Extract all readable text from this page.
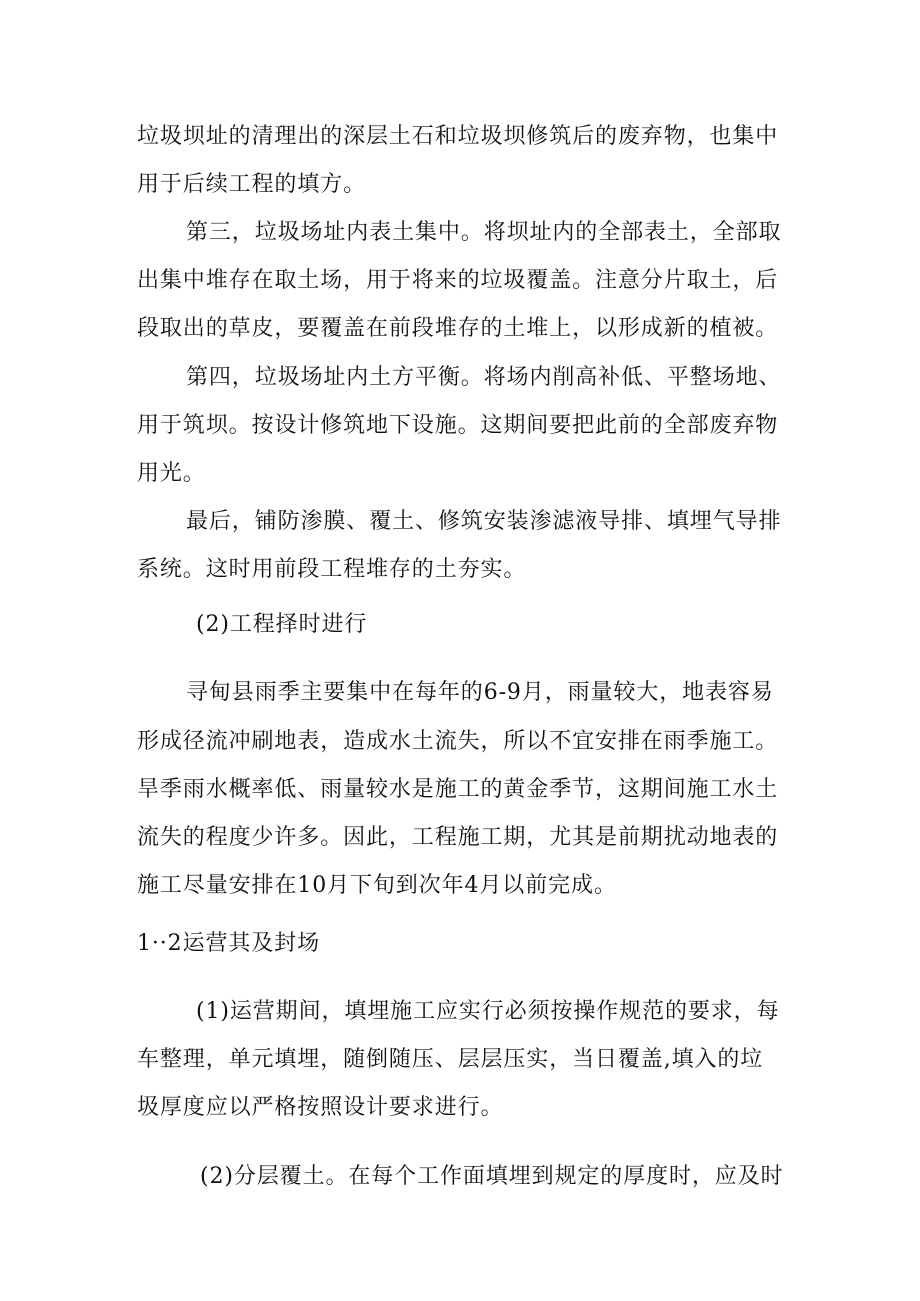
垃圾坝址的清理出的深层土石和垃圾坝修筑后的废弃物，也集中
用于后续工程的填方。
第三，垃圾场址内表土集中。将坝址内的全部表土，全部取
出集中堆存在取土场，用于将来的垃圾覆盖。注意分片取土，后
段取出的草皮，要覆盖在前段堆存的土堆上，以形成新的植被。
第四，垃圾场址内土方平衡。将场内削高补低、平整场地、
用于筑坝。按设计修筑地下设施。这期间要把此前的全部废弃物
用光。
最后，铺防渗膜、覆土、修筑安装渗滤液导排、填埋气导排
系统。这时用前段工程堆存的土夯实。
(2)工程择时进行
寻甸县雨季主要集中在每年的6-9月，雨量较大，地表容易
形成径流冲刷地表，造成水土流失，所以不宜安排在雨季施工。
旱季雨水概率低、雨量较水是施工的黄金季节，这期间施工水土
流失的程度少许多。因此，工程施工期，尤其是前期扰动地表的
施工尽量安排在10月下旬到次年4月以前完成。
1··2运营其及封场
(1)运营期间，填埋施工应实行必须按操作规范的要求，每
车整理，单元填埋，随倒随压、层层压实，当日覆盖,填入的垃
圾厚度应以严格按照设计要求进行。
(2)分层覆土。在每个工作面填埋到规定的厚度时，应及时
